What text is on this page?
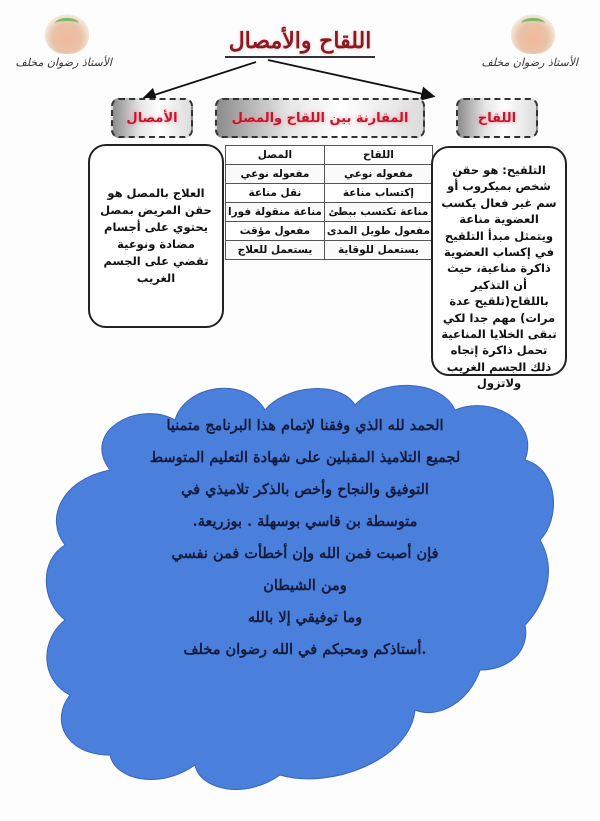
الأستاذ رضوان مخلف	الأستاذ رضوان مخلف
اللقاح والأمصال
الأمصال	المقارنة بين اللقاح والمصل	اللقاح
العلاج بالمصل هو حقن المريض بمصل يحتوي على أجسام مضادة ونوعية تقضي على الجسم الغريب
اللقاح	المصل
مفعوله نوعي	مفعوله نوعي
إكتساب مناعة	نقل مناعة
مناعة تكتسب ببطئ	مناعة منقولة فورا
مفعول طويل المدى	مفعول مؤقت
يستعمل للوقاية	يستعمل للعلاج
التلقيح: هو حقن شخص بميكروب أو سم غير فعال يكسب العضوية مناعة ويتمثل مبدأ التلقيح في إكساب العضوية ذاكرة مناعية، حيث أن التذكير باللقاح(تلقيح عدة مرات) مهم جدا لكي تبقى الخلايا المناعية تحمل ذاكرة إتجاه ذلك الجسم الغريب ولاتزول
الحمد لله الذي وفقنا لإتمام هذا البرنامج متمنيا
لجميع التلاميذ المقبلين على شهادة التعليم المتوسط
التوفيق والنجاح وأخص بالذكر تلاميذي في
متوسطة بن قاسي بوسهلة . بوزريعة.
فإن أصبت فمن الله وإن أخطأت فمن نفسي
ومن الشيطان
وما توفيقي إلا بالله
.أستاذكم ومحبكم في الله رضوان مخلف
